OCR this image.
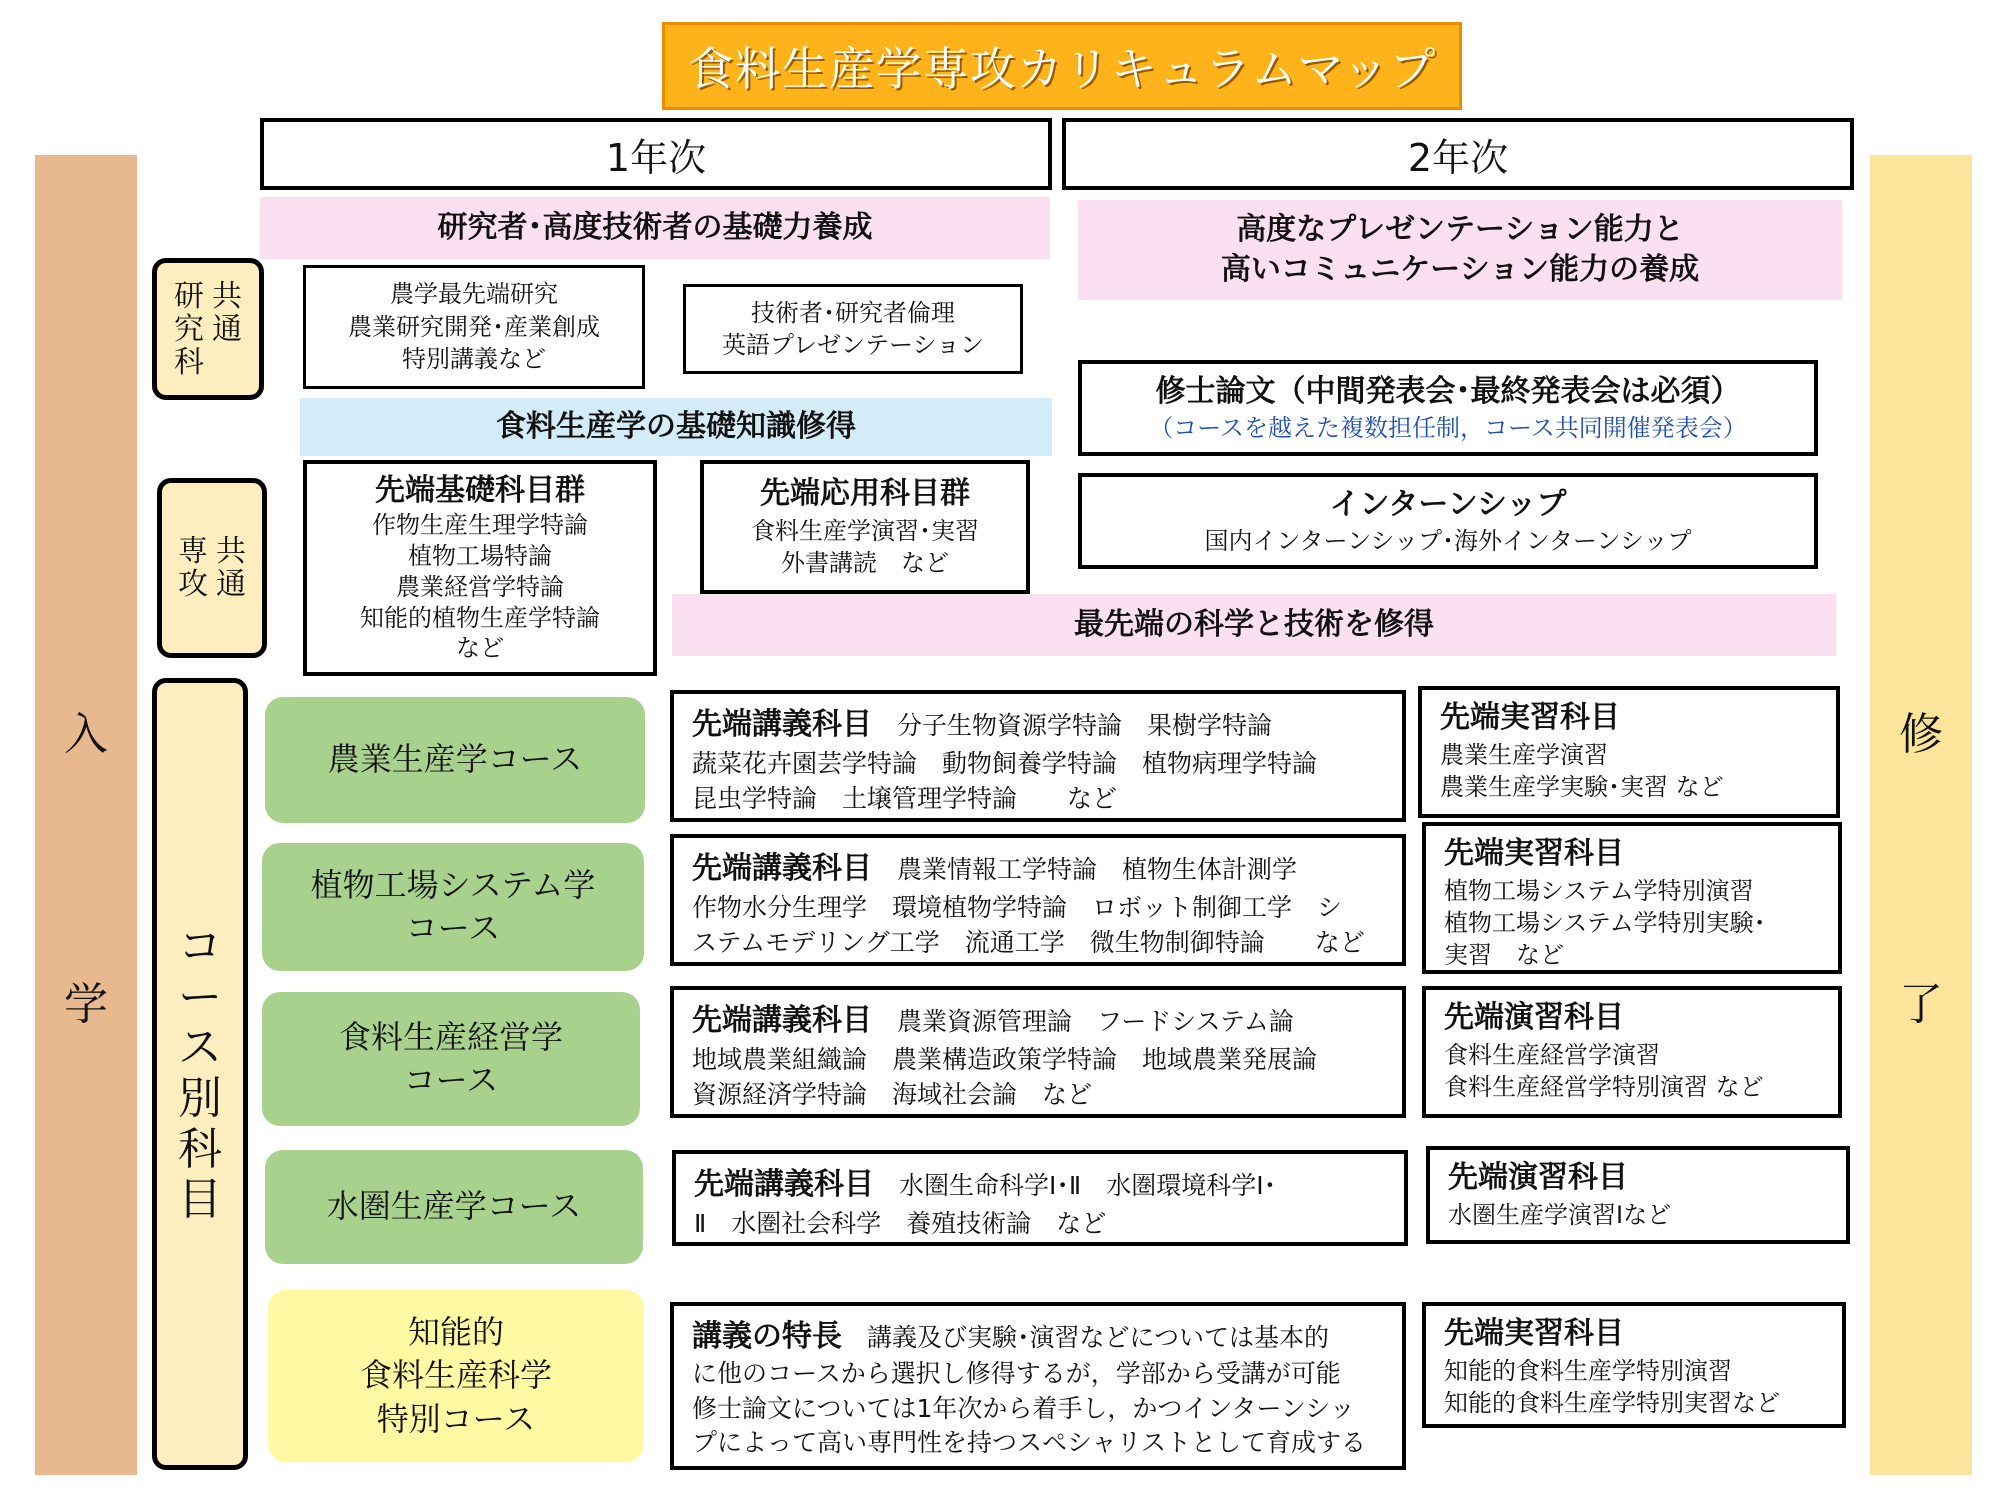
食料生産学専攻カリキュラムマップ
1年次	2年次
入
学
修
了
共
通
研
究
科
共
通
専
攻
コ
ー
ス
別
科
目
研究者･高度技術者の基礎力養成	高度なプレゼンテーション能力と
高いコミュニケーション能力の養成
食料生産学の基礎知識修得
最先端の科学と技術を修得
農学最先端研究
農業研究開発･産業創成
特別講義など
技術者･研究者倫理
英語プレゼンテーション
修士論文（中間発表会･最終発表会は必須）
（コースを越えた複数担任制，コース共同開催発表会）
インターンシップ
国内インターンシップ･海外インターンシップ
先端基礎科目群
作物生産生理学特論
植物工場特論
農業経営学特論
知能的植物生産学特論
など
先端応用科目群
食料生産学演習･実習
外書講読　など
農業生産学コース
先端講義科目　 分子生物資源学特論　果樹学特論
蔬菜花卉園芸学特論　動物飼養学特論　植物病理学特論
昆虫学特論　土壌管理学特論　　など
先端実習科目
農業生産学演習
農業生産学実験･実習 など
植物工場システム学
コース
先端講義科目　 農業情報工学特論　植物生体計測学
作物水分生理学　環境植物学特論　ロボット制御工学　シ
ステムモデリング工学　流通工学　微生物制御特論　　など
先端実習科目
植物工場システム学特別演習
植物工場システム学特別実験･
実習　など
食料生産経営学
コース
先端講義科目　 農業資源管理論　フードシステム論
地域農業組織論　農業構造政策学特論　地域農業発展論
資源経済学特論　海域社会論　など
先端演習科目
食料生産経営学演習
食料生産経営学特別演習 など
水圏生産学コース
先端講義科目　 水圏生命科学Ⅰ･Ⅱ　水圏環境科学Ⅰ･
Ⅱ　水圏社会科学　養殖技術論　など
先端演習科目
水圏生産学演習Ⅰなど
知能的
食料生産科学
特別コース
講義の特長　 講義及び実験･演習などについては基本的
に他のコースから選択し修得するが，学部から受講が可能
修士論文については1年次から着手し，かつインターンシッ
プによって高い専門性を持つスペシャリストとして育成する
先端実習科目
知能的食料生産学特別演習
知能的食料生産学特別実習など
